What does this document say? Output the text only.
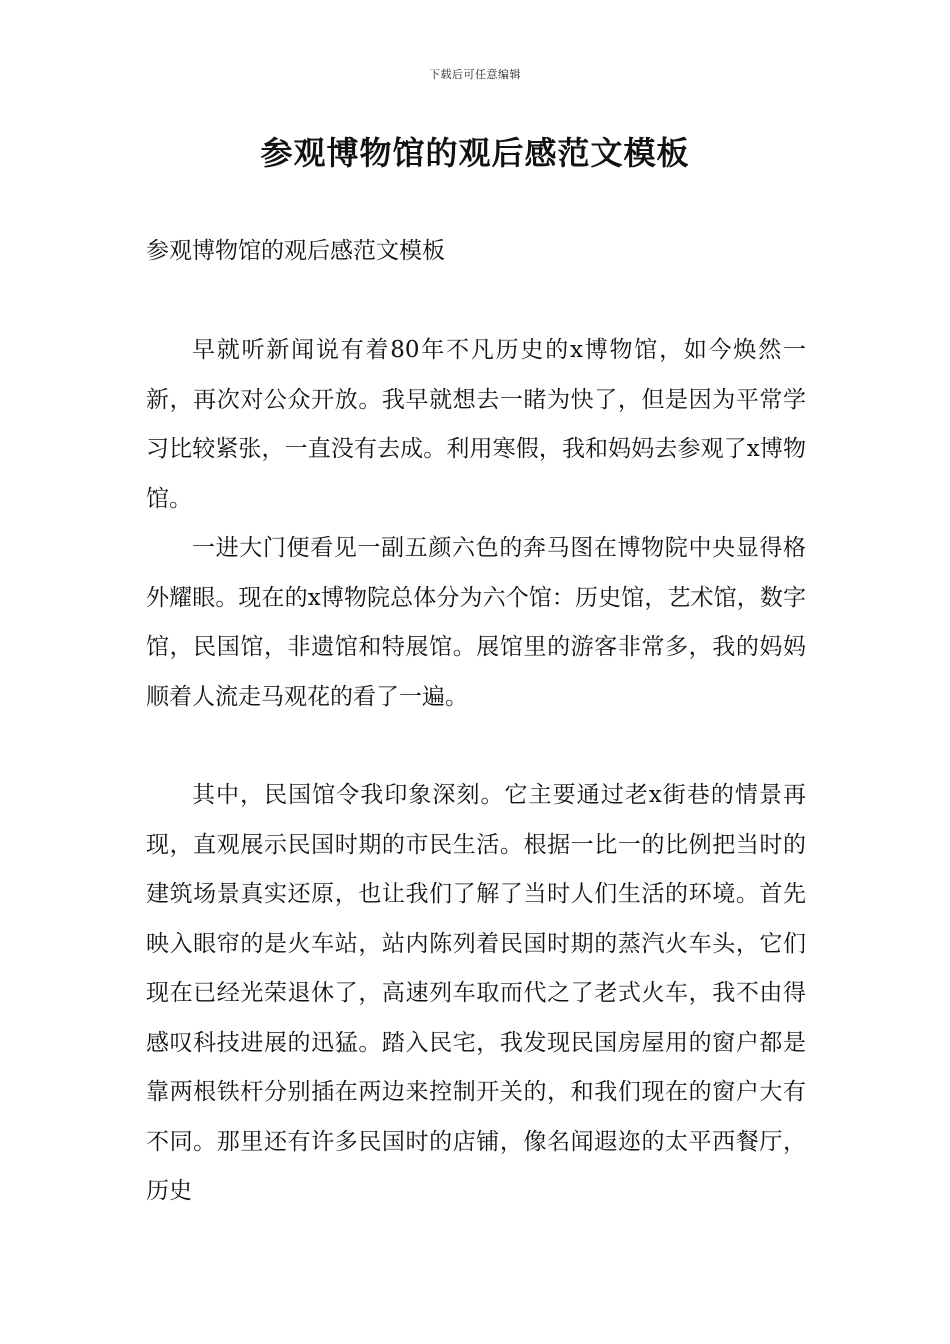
下载后可任意编辑
参观博物馆的观后感范文模板

参观博物馆的观后感范文模板

早就听新闻说有着80年不凡历史的x博物馆，如今焕然一新，再次对公众开放。我早就想去一睹为快了，但是因为平常学习比较紧张，一直没有去成。利用寒假，我和妈妈去参观了x博物馆。

一进大门便看见一副五颜六色的奔马图在博物院中央显得格外耀眼。现在的x博物院总体分为六个馆：历史馆，艺术馆，数字馆，民国馆，非遗馆和特展馆。展馆里的游客非常多，我的妈妈顺着人流走马观花的看了一遍。

其中，民国馆令我印象深刻。它主要通过老x街巷的情景再现，直观展示民国时期的市民生活。根据一比一的比例把当时的建筑场景真实还原，也让我们了解了当时人们生活的环境。首先映入眼帘的是火车站，站内陈列着民国时期的蒸汽火车头，它们现在已经光荣退休了，高速列车取而代之了老式火车，我不由得感叹科技进展的迅猛。踏入民宅，我发现民国房屋用的窗户都是靠两根铁杆分别插在两边来控制开关的，和我们现在的窗户大有不同。那里还有许多民国时的店铺，像名闻遐迩的太平西餐厅，历史
